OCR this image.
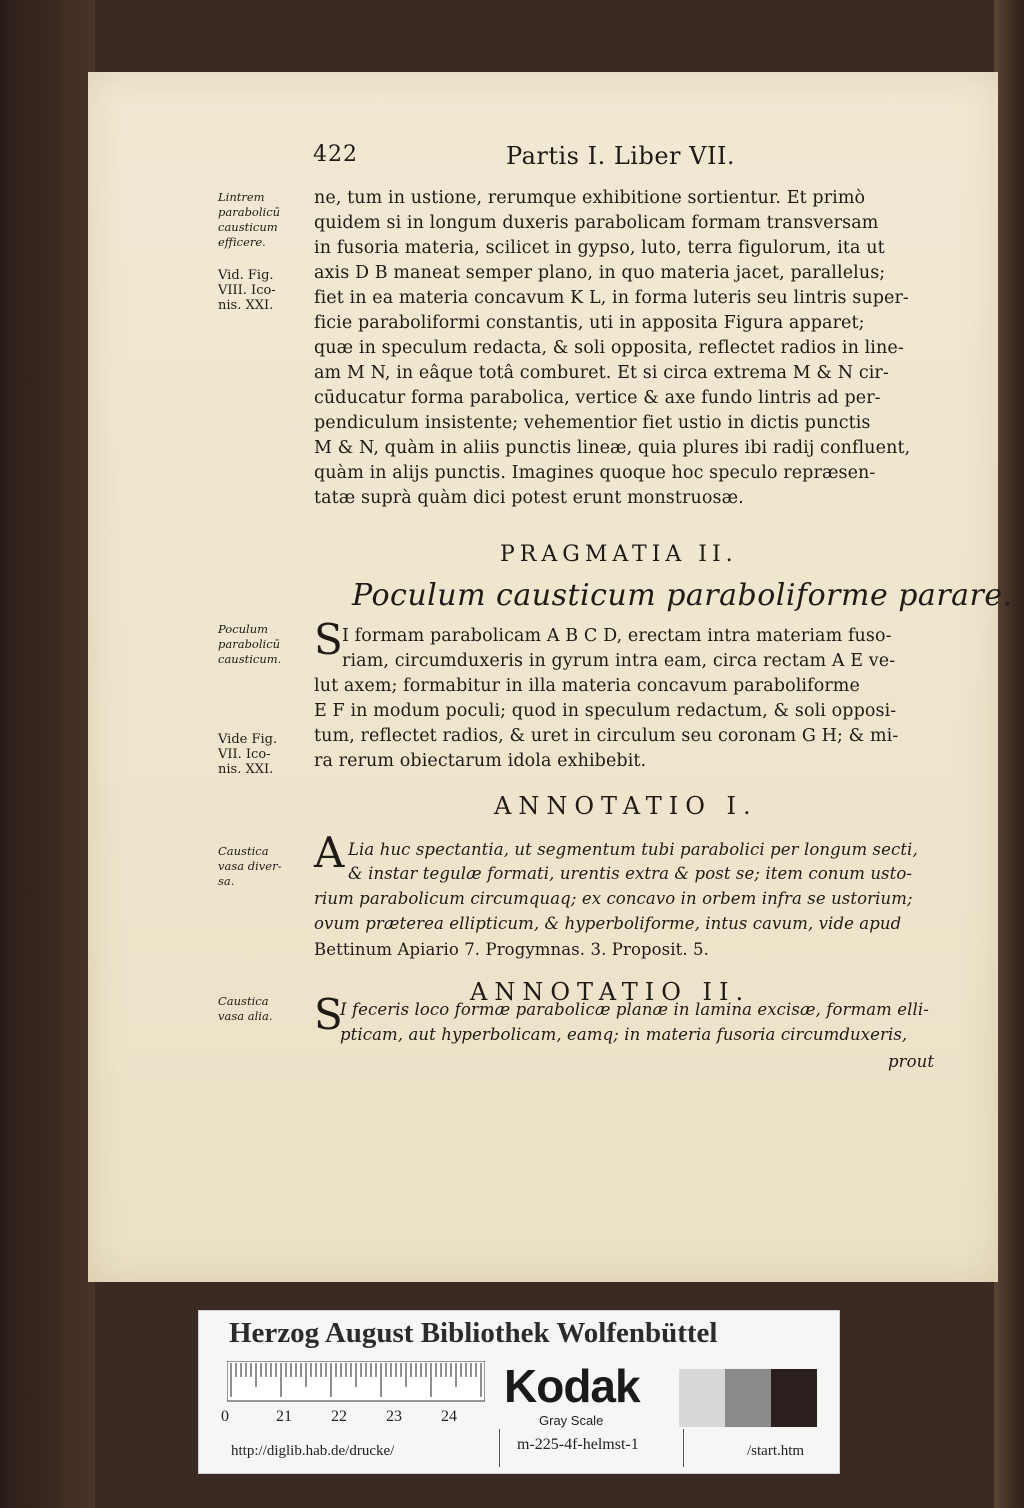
422	Partis I. Liber VII.
Lintrem
parabolicū
causticum
efficere.
Vid. Fig.
VIII. Ico-
nis. XXI.
Poculum
parabolicū
causticum.
Vide Fig.
VII. Ico-
nis. XXI.
Caustica
vasa diver-
sa.
Caustica
vasa alia.
ne, tum in ustione, rerumque exhibitione sortientur. Et primò
quidem si in longum duxeris parabolicam formam transversam
in fusoria materia, scilicet in gypso, luto, terra figulorum, ita ut
axis D B maneat semper plano, in quo materia jacet, parallelus;
fiet in ea materia concavum K L, in forma luteris seu lintris super-
ficie paraboliformi constantis, uti in apposita Figura apparet;
quæ in speculum redacta, & soli opposita, reflectet radios in line-
am M N, in eâque totâ comburet. Et si circa extrema M & N cir-
cūducatur forma parabolica, vertice & axe fundo lintris ad per-
pendiculum insistente; vehementior fiet ustio in dictis punctis
M & N, quàm in aliis punctis lineæ, quia plures ibi radij confluent,
quàm in alijs punctis. Imagines quoque hoc speculo repræsen-
tatæ suprà quàm dici potest erunt monstruosæ.
PRAGMATIA II.
Poculum causticum paraboliforme parare.
S I formam parabolicam A B C D, erectam intra materiam fuso-
riam, circumduxeris in gyrum intra eam, circa rectam A E ve-
lut axem; formabitur in illa materia concavum paraboliforme
E F in modum poculi; quod in speculum redactum, & soli opposi-
tum, reflectet radios, & uret in circulum seu coronam G H; & mi-
ra rerum obiectarum idola exhibebit.
ANNOTATIO I.
A Lia huc spectantia, ut segmentum tubi parabolici per longum secti,
& instar tegulæ formati, urentis extra & post se; item conum usto-
rium parabolicum circumquaq; ex concavo in orbem infra se ustorium;
ovum præterea ellipticum, & hyperboliforme, intus cavum, vide apud
Bettinum Apiario 7. Progymnas. 3. Proposit. 5.
ANNOTATIO II.
S
I feceris loco formæ parabolicæ planæ in lamina excisæ, formam elli-
pticam, aut hyperbolicam, eamq; in materia fusoria circumduxeris,
prout
Herzog August Bibliothek Wolfenbüttel
0	21 22 23 24
Kodak
Gray Scale
http://diglib.hab.de/drucke/	m-225-4f-helmst-1	/start.htm
